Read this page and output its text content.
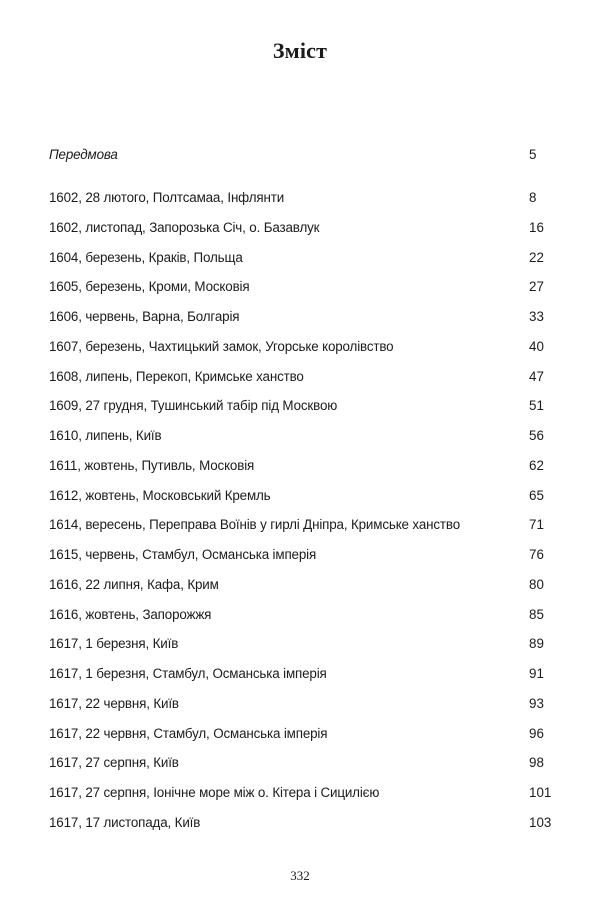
Зміст
Передмова	5
1602, 28 лютого, Полтсамаа, Інфлянти	8
1602, листопад, Запорозька Січ, о. Базавлук	16
1604, березень, Краків, Польща	22
1605, березень, Кроми, Московія	27
1606, червень, Варна, Болгарія	33
1607, березень, Чахтицький замок, Угорське королівство	40
1608, липень, Перекоп, Кримське ханство	47
1609, 27 грудня, Тушинський табір під Москвою	51
1610, липень, Київ	56
1611, жовтень, Путивль, Московія	62
1612, жовтень, Московський Кремль	65
1614, вересень, Переправа Воїнів у гирлі Дніпра, Кримське ханство	71
1615, червень, Стамбул, Османська імперія	76
1616, 22 липня, Кафа, Крим	80
1616, жовтень, Запорожжя	85
1617, 1 березня, Київ	89
1617, 1 березня, Стамбул, Османська імперія	91
1617, 22 червня, Київ	93
1617, 22 червня, Стамбул, Османська імперія	96
1617, 27 серпня, Київ	98
1617, 27 серпня, Іонічне море між о. Кітера і Сицилією	101
1617, 17 листопада, Київ	103
332
